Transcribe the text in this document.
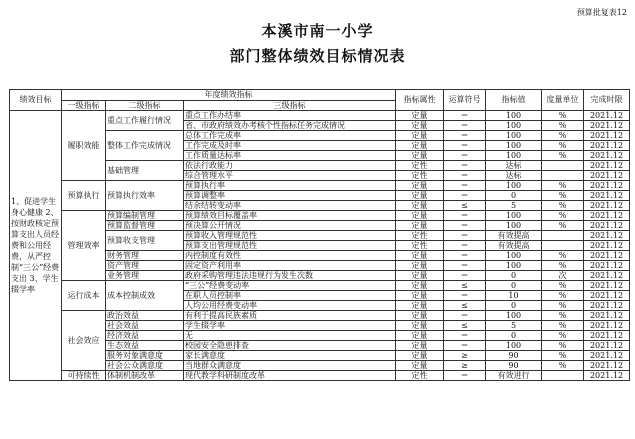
预算批复表12
本溪市南一小学
部门整体绩效目标情况表
绩效目标	年度绩效指标			指标属性	运算符号	指标值	度量单位	完成时限
	一级指标	二级指标	三级指标					
1、促进学生身心健康 2、按财政核定预算支出人员经费和公用经费，从严控制“三公”经费支出 3、学生辍学率	履职效能	重点工作履行情况	重点工作办结率	定量	＝	100	%	2021.12
			省、市政府绩效办考核个性指标任务完成情况	定量	＝	100	%	2021.12
		整体工作完成情况	总体工作完成率	定量	＝	100	%	2021.12
			工作完成及时率	定量	＝	100	%	2021.12
			工作质量达标率	定量	＝	100	%	2021.12
		基础管理	依法行政能力	定性	＝	达标		2021.12
			综合管理水平	定性	＝	达标		2021.12
	预算执行	预算执行效率	预算执行率	定量	＝	100	%	2021.12
			预算调整率	定量	＝	0	%	2021.12
			结余结转变动率	定量	≤	5	%	2021.12
	管理效率	预算编制管理	预算绩效目标覆盖率	定量	＝	100	%	2021.12
		预算监督管理	预决算公开情况	定量	＝	100	%	2021.12
		预算收支管理	预算收入管理规范性	定性	＝	有效提高		2021.12
			预算支出管理规范性	定性	＝	有效提高		2021.12
		财务管理	内控制度有效性	定量	＝	100	%	2021.12
		资产管理	固定资产利用率	定量	＝	100	%	2021.12
		业务管理	政府采购管理违法违规行为发生次数	定量	＝	0	次	2021.12
	运行成本	成本控制成效	“三公”经费变动率	定量	≤	0	%	2021.12
			在职人员控制率	定量	＝	10	%	2021.12
			人均公用经费变动率	定量	≤	0	%	2021.12
	社会效应	政治效益	有利于提高民族素质	定量	＝	100	%	2021.12
		社会效益	学生辍学率	定量	≤	5	%	2021.12
		经济效益	无	定量	＝	0	%	2021.12
		生态效益	校园安全隐患排查	定量	＝	100	%	2021.12
		服务对象满意度	家长满意度	定量	≥	90	%	2021.12
		社会公众满意度	当地群众满意度	定量	≥	90	%	2021.12
	可持续性	体制机制改革	现代教学科研制度改革	定性	＝	有效进行		2021.12
